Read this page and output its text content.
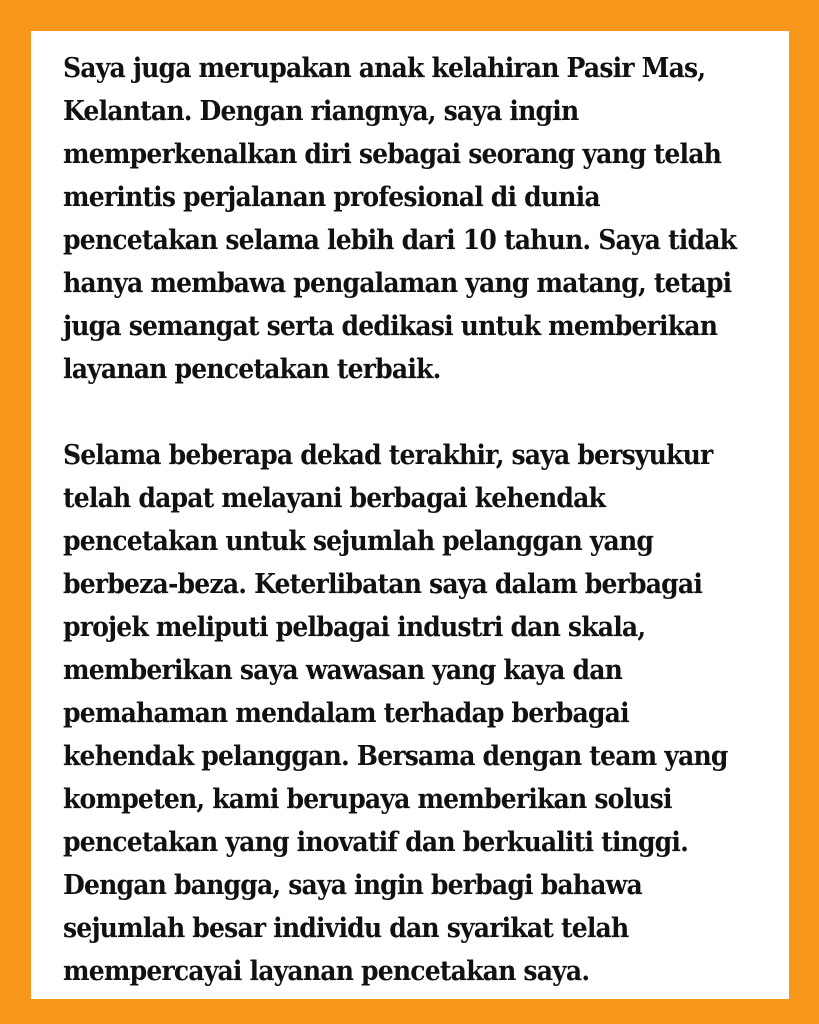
Saya juga merupakan anak kelahiran Pasir Mas,
Kelantan. Dengan riangnya, saya ingin
memperkenalkan diri sebagai seorang yang telah
merintis perjalanan profesional di dunia
pencetakan selama lebih dari 10 tahun. Saya tidak
hanya membawa pengalaman yang matang, tetapi
juga semangat serta dedikasi untuk memberikan
layanan pencetakan terbaik.
Selama beberapa dekad terakhir, saya bersyukur
telah dapat melayani berbagai kehendak
pencetakan untuk sejumlah pelanggan yang
berbeza-beza. Keterlibatan saya dalam berbagai
projek meliputi pelbagai industri dan skala,
memberikan saya wawasan yang kaya dan
pemahaman mendalam terhadap berbagai
kehendak pelanggan. Bersama dengan team yang
kompeten, kami berupaya memberikan solusi
pencetakan yang inovatif dan berkualiti tinggi.
Dengan bangga, saya ingin berbagi bahawa
sejumlah besar individu dan syarikat telah
mempercayai layanan pencetakan saya.
